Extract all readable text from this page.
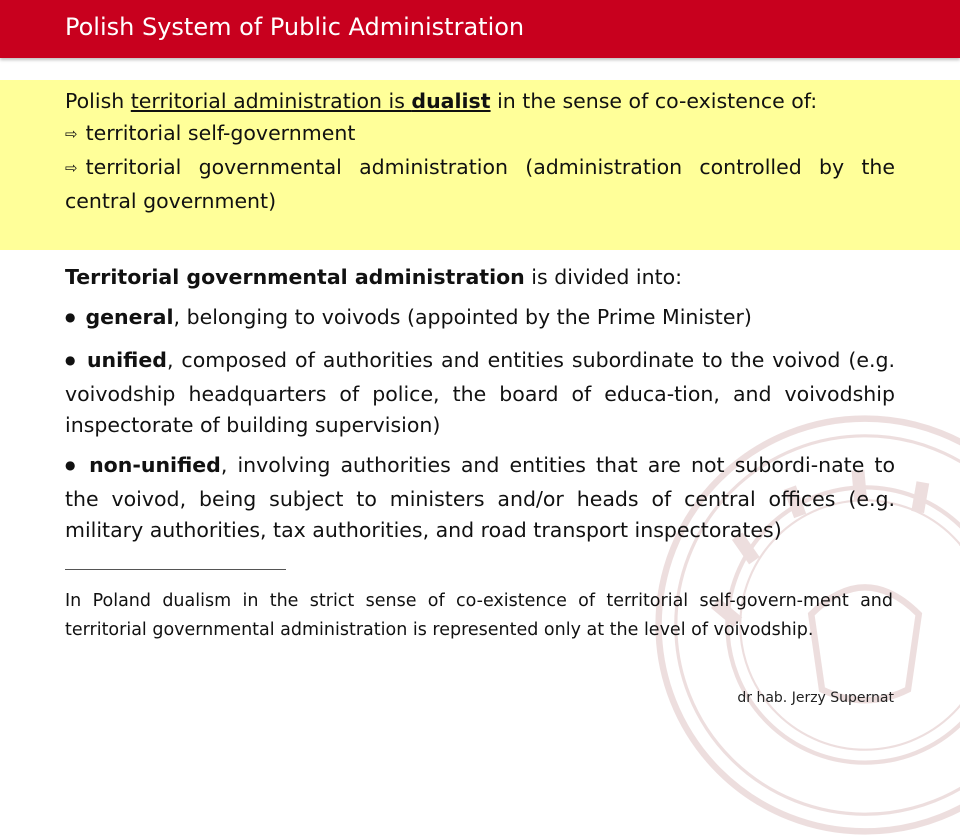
Polish System of Public Administration
Polish territorial administration is dualist in the sense of co-existence of:
⇨ territorial self-government
⇨ territorial governmental administration (administration controlled by the central government)

Territorial governmental administration is divided into:

● general, belonging to voivods (appointed by the Prime Minister)

● unified, composed of authorities and entities subordinate to the voivod (e.g. voivodship headquarters of police, the board of educa-tion, and voivodship inspectorate of building supervision)

● non-unified, involving authorities and entities that are not subordi-nate to the voivod, being subject to ministers and/or heads of central offices (e.g. military authorities, tax authorities, and road transport inspectorates)

In Poland dualism in the strict sense of co-existence of territorial self-govern-ment and territorial governmental administration is represented only at the level of voivodship.
dr hab. Jerzy Supernat
